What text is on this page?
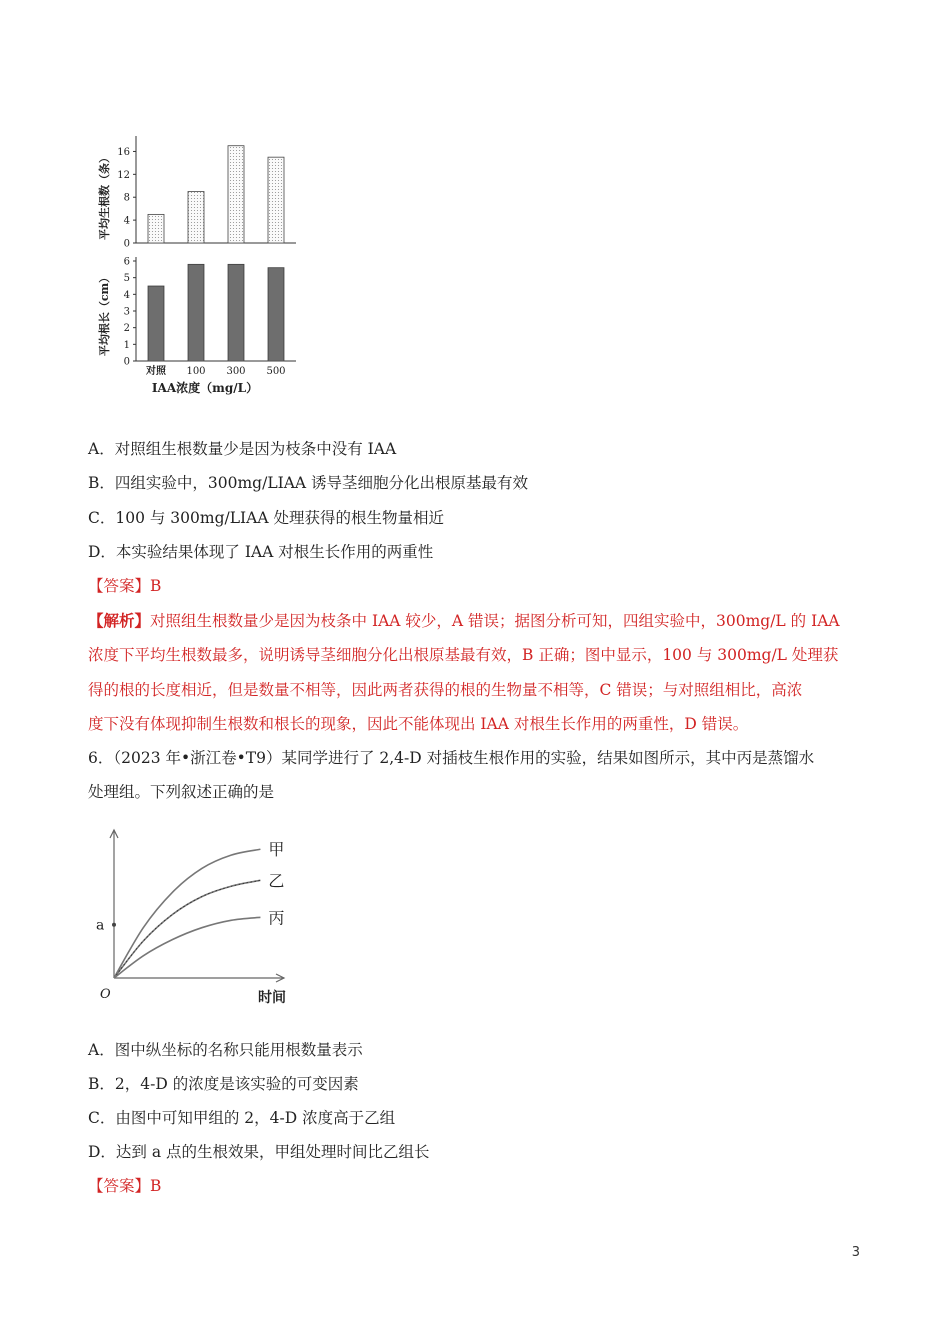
0
4
8
12
16
0
1
2
3
4
5
6
对照 100 300 500
平均生根数（条）
平均根长（cm）
IAA浓度（mg/L）
A．对照组生根数量少是因为枝条中没有 IAA
B．四组实验中，300mg/LIAA 诱导茎细胞分化出根原基最有效
C．100 与 300mg/LIAA 处理获得的根生物量相近
D．本实验结果体现了 IAA 对根生长作用的两重性
【答案】B
【解析】对照组生根数量少是因为枝条中 IAA 较少，A 错误；据图分析可知，四组实验中，300mg/L 的 IAA
浓度下平均生根数最多，说明诱导茎细胞分化出根原基最有效，B 正确；图中显示，100 与 300mg/L 处理获
得的根的长度相近，但是数量不相等，因此两者获得的根的生物量不相等，C 错误；与对照组相比，高浓
度下没有体现抑制生根数和根长的现象，因此不能体现出 IAA 对根生长作用的两重性，D 错误。
6．（2023 年•浙江卷•T9）某同学进行了 2,4-D 对插枝生根作用的实验，结果如图所示，其中丙是蒸馏水
处理组。下列叙述正确的是
O	时间
a
甲
乙
丙
A．图中纵坐标的名称只能用根数量表示
B．2，4-D 的浓度是该实验的可变因素
C．由图中可知甲组的 2，4-D 浓度高于乙组
D．达到 a 点的生根效果，甲组处理时间比乙组长
【答案】B
3
